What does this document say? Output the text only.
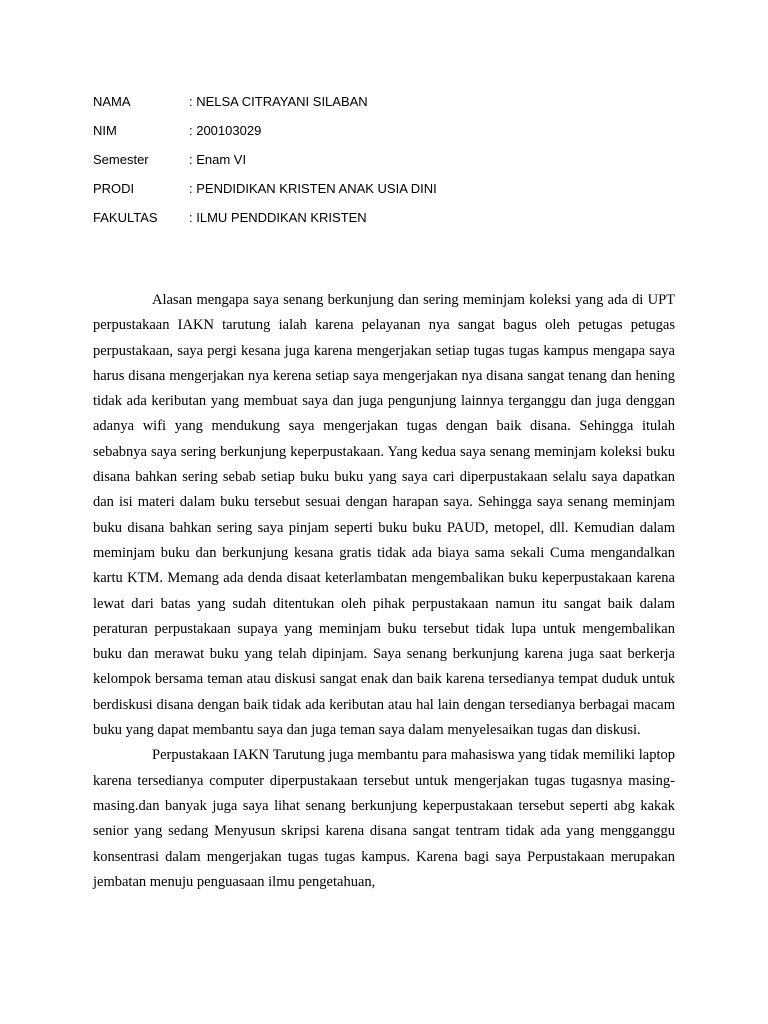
NAMA	: NELSA CITRAYANI SILABAN
NIM	: 200103029
Semester	: Enam VI
PRODI	: PENDIDIKAN KRISTEN ANAK USIA DINI
FAKULTAS	: ILMU PENDDIKAN KRISTEN

Alasan mengapa saya senang berkunjung dan sering meminjam koleksi yang ada di UPT perpustakaan IAKN tarutung ialah karena pelayanan nya sangat bagus oleh petugas petugas perpustakaan, saya pergi kesana juga karena mengerjakan setiap tugas tugas kampus mengapa saya harus disana mengerjakan nya kerena setiap saya mengerjakan nya disana sangat tenang dan hening tidak ada keributan yang membuat saya dan juga pengunjung lainnya terganggu dan juga denggan adanya wifi yang mendukung saya mengerjakan tugas dengan baik disana. Sehingga itulah sebabnya saya sering berkunjung keperpustakaan. Yang kedua saya senang meminjam koleksi buku disana bahkan sering sebab setiap buku buku yang saya cari diperpustakaan selalu saya dapatkan dan isi materi dalam buku tersebut sesuai dengan harapan saya. Sehingga saya senang meminjam buku disana bahkan sering saya pinjam seperti buku buku PAUD, metopel, dll. Kemudian dalam meminjam buku dan berkunjung kesana gratis tidak ada biaya sama sekali Cuma mengandalkan kartu KTM. Memang ada denda disaat keterlambatan mengembalikan buku keperpustakaan karena lewat dari batas yang sudah ditentukan oleh pihak perpustakaan namun itu sangat baik dalam peraturan perpustakaan supaya yang meminjam buku tersebut tidak lupa untuk mengembalikan buku dan merawat buku yang telah dipinjam. Saya senang berkunjung karena juga saat berkerja kelompok bersama teman atau diskusi sangat enak dan baik karena tersedianya tempat duduk untuk berdiskusi disana dengan baik tidak ada keributan atau hal lain dengan tersedianya berbagai macam buku yang dapat membantu saya dan juga teman saya dalam menyelesaikan tugas dan diskusi.

Perpustakaan IAKN Tarutung juga membantu para mahasiswa yang tidak memiliki laptop karena tersedianya computer diperpustakaan tersebut untuk mengerjakan tugas tugasnya masing-masing.dan banyak juga saya lihat senang berkunjung keperpustakaan tersebut seperti abg kakak senior yang sedang Menyusun skripsi karena disana sangat tentram tidak ada yang mengganggu konsentrasi dalam mengerjakan tugas tugas kampus. Karena bagi saya Perpustakaan merupakan jembatan menuju penguasaan ilmu pengetahuan,
